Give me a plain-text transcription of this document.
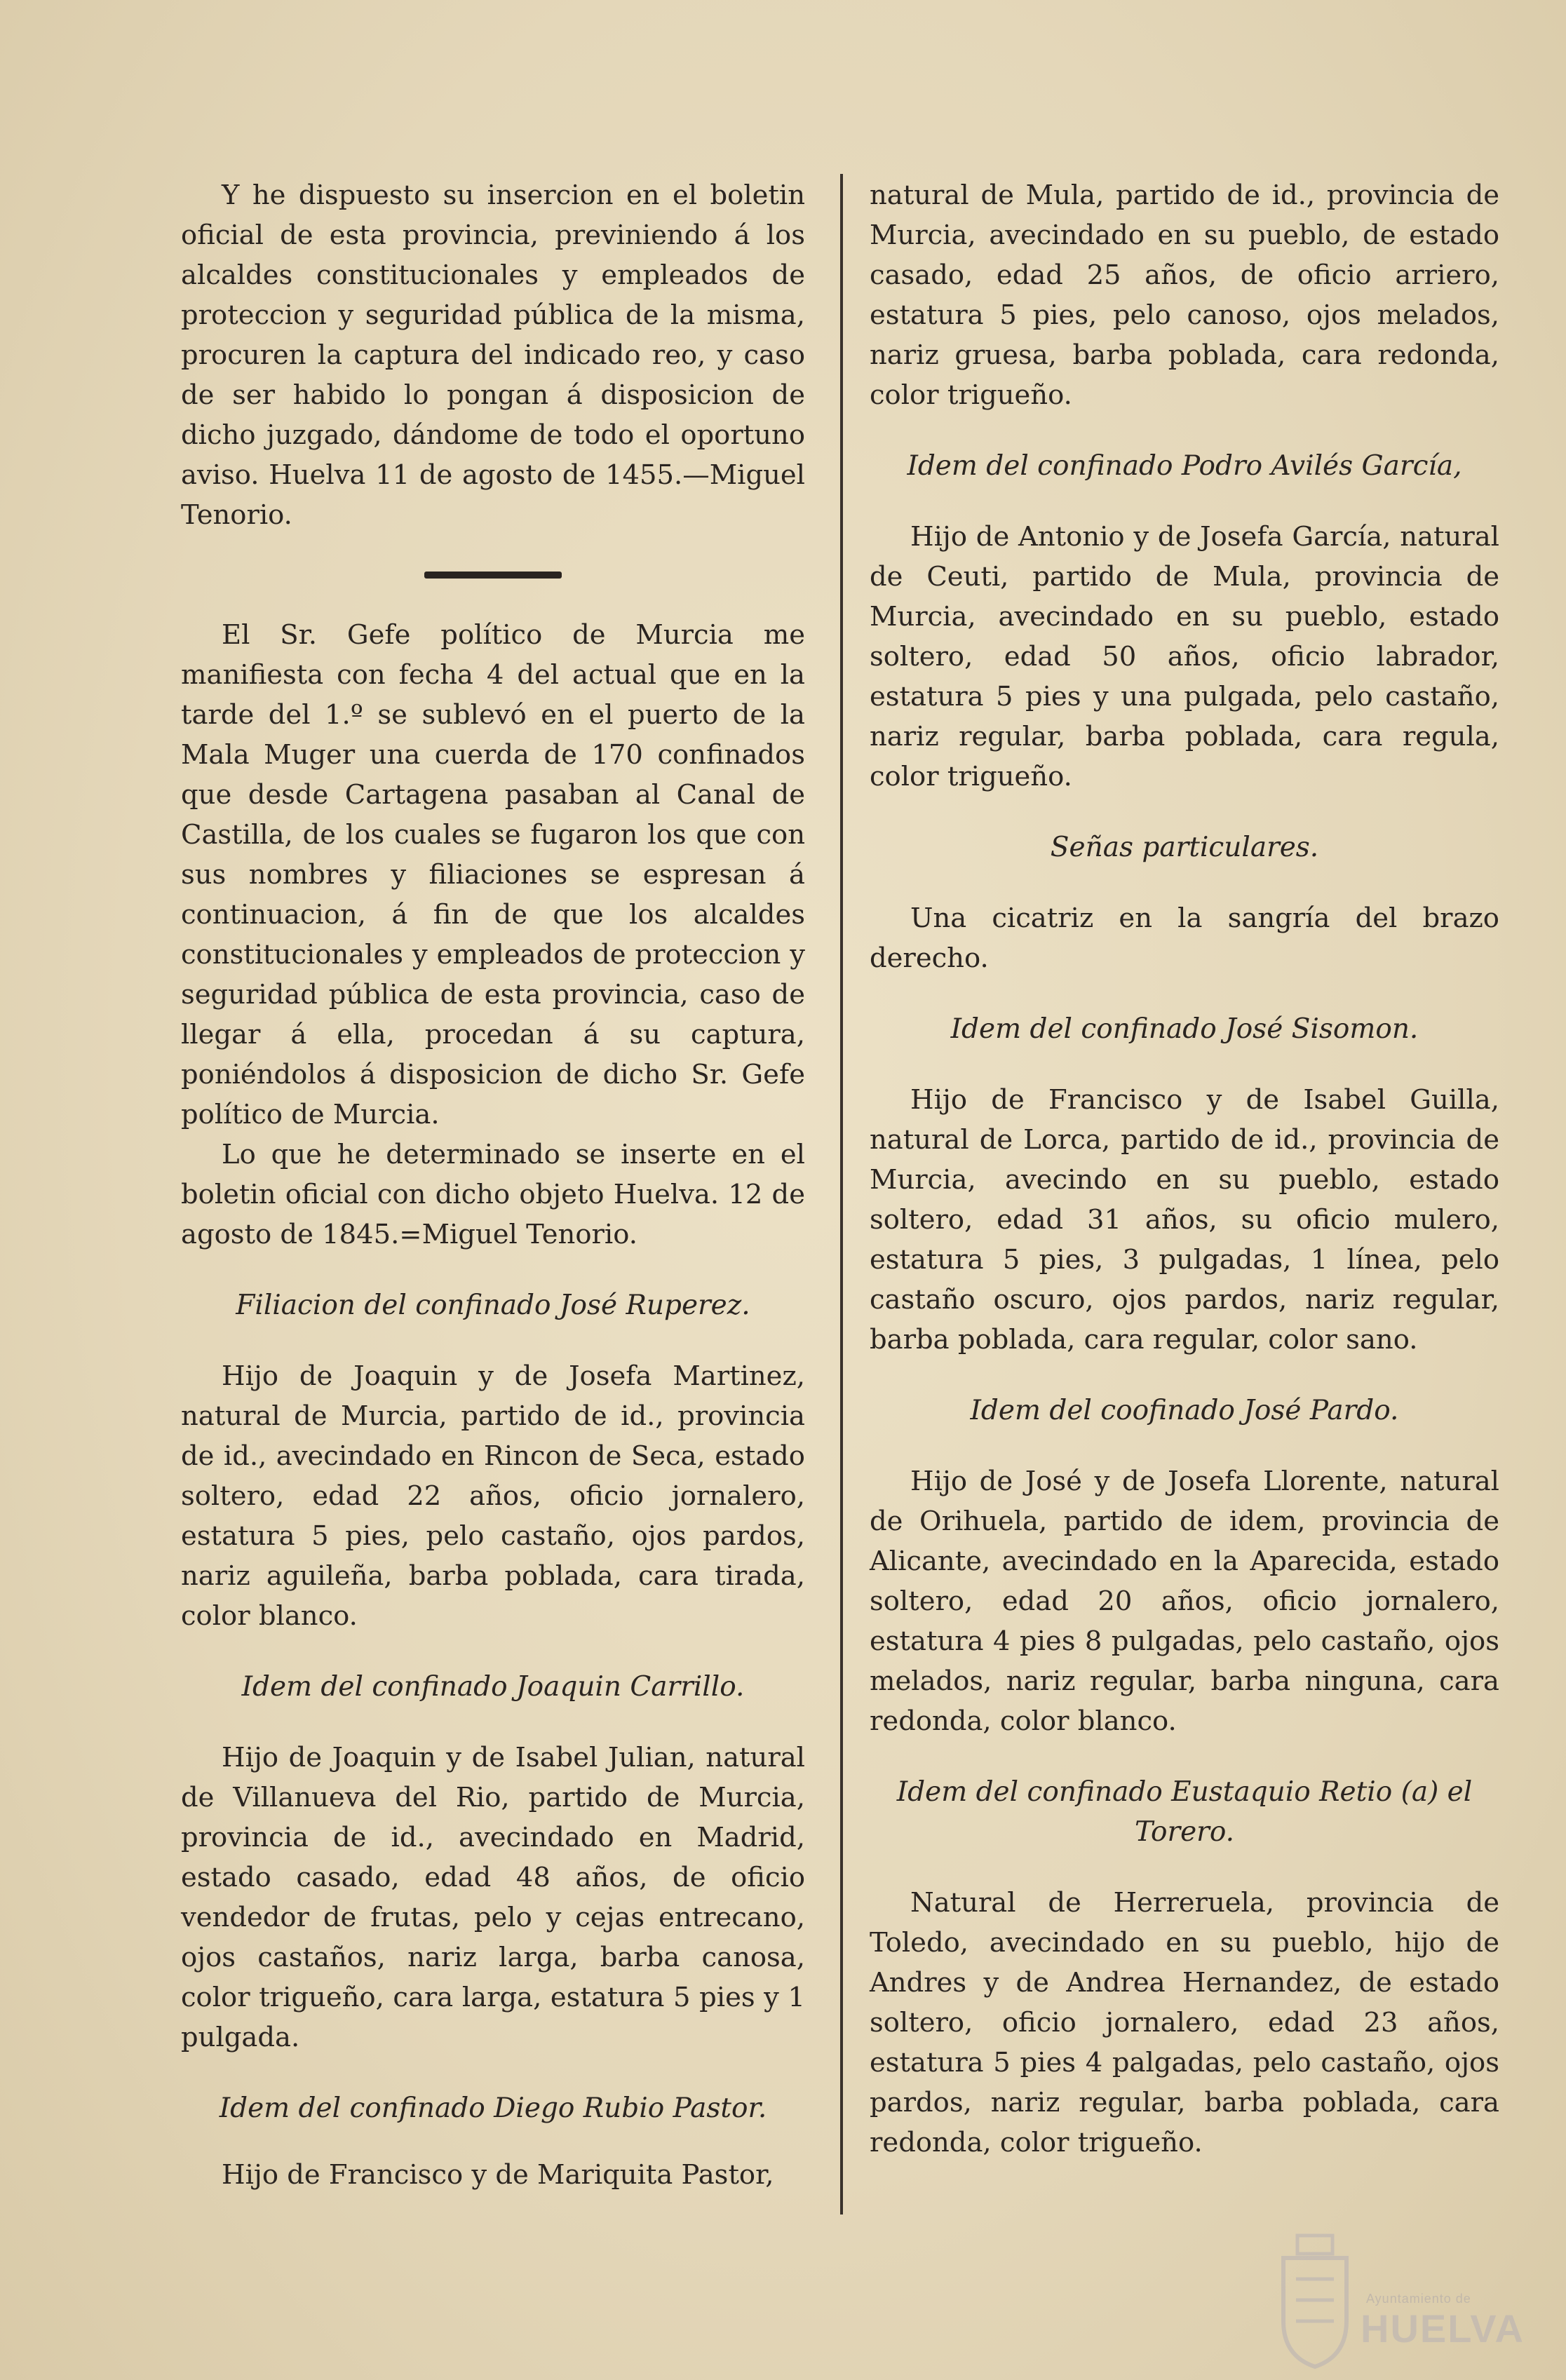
Y he dispuesto su insercion en el boletin oficial de esta provincia, previniendo á los alcaldes constitucionales y empleados de proteccion y seguridad pública de la misma, procuren la captura del indicado reo, y caso de ser habido lo pongan á disposicion de dicho juzgado, dándome de todo el oportuno aviso. Huelva 11 de agosto de 1455.—Miguel Tenorio.

El Sr. Gefe político de Murcia me manifiesta con fecha 4 del actual que en la tarde del 1.º se sublevó en el puerto de la Mala Muger una cuerda de 170 confinados que desde Cartagena pasaban al Canal de Castilla, de los cuales se fugaron los que con sus nombres y filiaciones se espresan á continuacion, á fin de que los alcaldes constitucionales y empleados de proteccion y seguridad pública de esta provincia, caso de llegar á ella, procedan á su captura, poniéndolos á disposicion de dicho Sr. Gefe político de Murcia.

Lo que he determinado se inserte en el boletin oficial con dicho objeto Huelva. 12 de agosto de 1845.=Miguel Tenorio.

Filiacion del confinado José Ruperez.

Hijo de Joaquin y de Josefa Martinez, natural de Murcia, partido de id., provincia de id., avecindado en Rincon de Seca, estado soltero, edad 22 años, oficio jornalero, estatura 5 pies, pelo castaño, ojos pardos, nariz aguileña, barba poblada, cara tirada, color blanco.

Idem del confinado Joaquin Carrillo.

Hijo de Joaquin y de Isabel Julian, natural de Villanueva del Rio, partido de Murcia, provincia de id., avecindado en Madrid, estado casado, edad 48 años, de oficio vendedor de frutas, pelo y cejas entrecano, ojos castaños, nariz larga, barba canosa, color trigueño, cara larga, estatura 5 pies y 1 pulgada.

Idem del confinado Diego Rubio Pastor.

Hijo de Francisco y de Mariquita Pastor,

natural de Mula, partido de id., provincia de Murcia, avecindado en su pueblo, de estado casado, edad 25 años, de oficio arriero, estatura 5 pies, pelo canoso, ojos melados, nariz gruesa, barba poblada, cara redonda, color trigueño.

Idem del confinado Podro Avilés García,

Hijo de Antonio y de Josefa García, natural de Ceuti, partido de Mula, provincia de Murcia, avecindado en su pueblo, estado soltero, edad 50 años, oficio labrador, estatura 5 pies y una pulgada, pelo castaño, nariz regular, barba poblada, cara regula, color trigueño.

Señas particulares.

Una cicatriz en la sangría del brazo derecho.

Idem del confinado José Sisomon.

Hijo de Francisco y de Isabel Guilla, natural de Lorca, partido de id., provincia de Murcia, avecindo en su pueblo, estado soltero, edad 31 años, su oficio mulero, estatura 5 pies, 3 pulgadas, 1 línea, pelo castaño oscuro, ojos pardos, nariz regular, barba poblada, cara regular, color sano.

Idem del coofinado José Pardo.

Hijo de José y de Josefa Llorente, natural de Orihuela, partido de idem, provincia de Alicante, avecindado en la Aparecida, estado soltero, edad 20 años, oficio jornalero, estatura 4 pies 8 pulgadas, pelo castaño, ojos melados, nariz regular, barba ninguna, cara redonda, color blanco.

Idem del confinado Eustaquio Retio (a) el Torero.

Natural de Herreruela, provincia de Toledo, avecindado en su pueblo, hijo de Andres y de Andrea Hernandez, de estado soltero, oficio jornalero, edad 23 años, estatura 5 pies 4 palgadas, pelo castaño, ojos pardos, nariz regular, barba poblada, cara redonda, color trigueño.

Ayuntamiento de
HUELVA
